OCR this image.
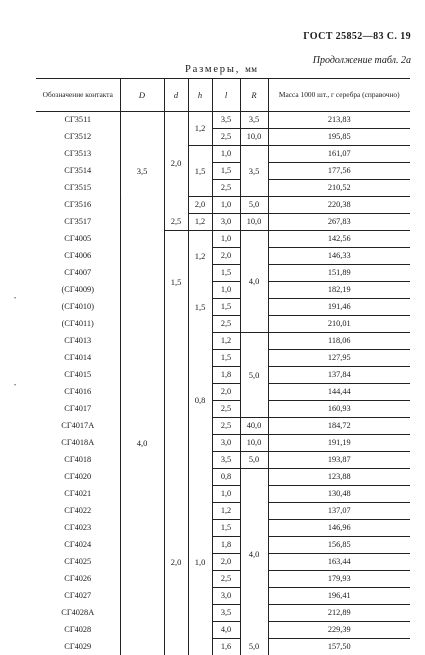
ГОСТ 25852—83 С. 19
Продолжение табл. 2а
Размеры, мм
Обозначение контакта	D	d	h	l	R	Масса 1000 шт., г серебра (справочно)
СГ3511	3,5	2,0	1,2	3,5	3,5	213,83
СГ3512				2,5	10,0	195,85
СГ3513			1,5	1,0	3,5	161,07
СГ3514				1,5		177,56
СГ3515				2,5		210,52
СГ3516			2,0	1,0	5,0	220,38
СГ3517		2,5	1,2	3,0	10,0	267,83
СГ4005	4,0	1,5	1,2	1,0	4,0	142,56
СГ4006				2,0		146,33
СГ4007				1,5		151,89
(СГ4009)			1,5	1,0		182,19
(СГ4010)				1,5		191,46
(СГ4011)				2,5		210,01
СГ4013			0,8	1,2	5,0	118,06
СГ4014				1,5		127,95
СГ4015				1,8		137,84
СГ4016				2,0		144,44
СГ4017				2,5		160,93
СГ4017А				2,5	40,0	184,72
СГ4018А				3,0	10,0	191,19
СГ4018				3,5	5,0	193,87
СГ4020		2,0	1,0	0,8	4,0	123,88
СГ4021				1,0		130,48
СГ4022				1,2		137,07
СГ4023				1,5		146,96
СГ4024				1,8		156,85
СГ4025				2,0		163,44
СГ4026				2,5		179,93
СГ4027				3,0		196,41
СГ4028А				3,5		212,89
СГ4028				4,0		229,39
СГ4029				1,6	5,0	157,50
•
•
·
